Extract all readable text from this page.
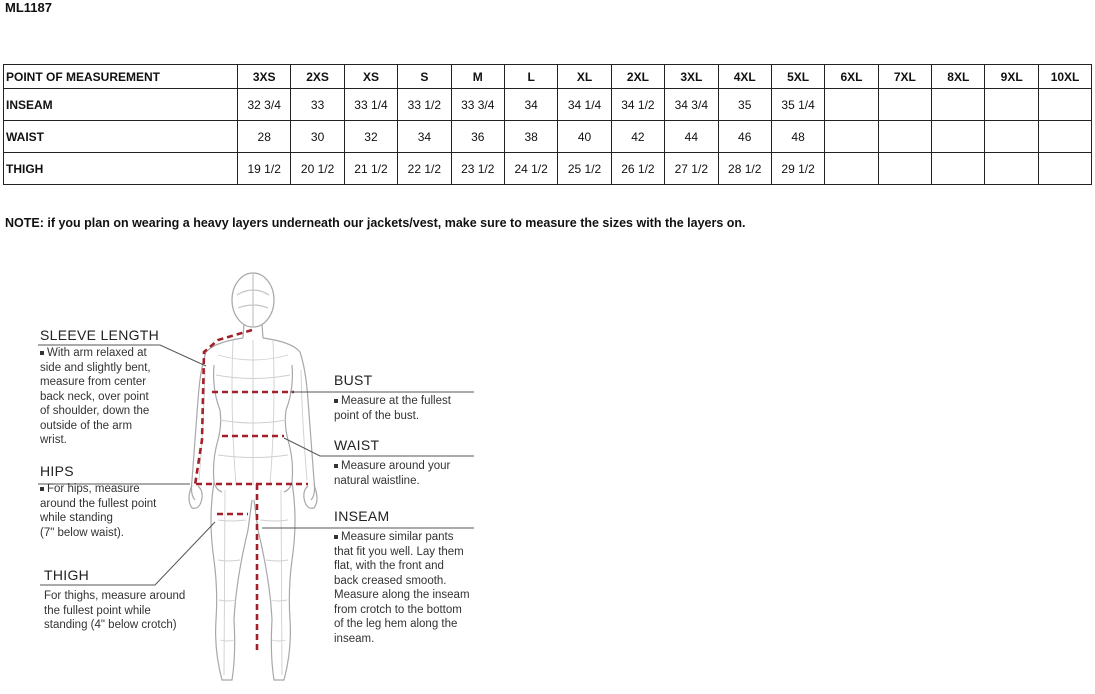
ML1187
POINT OF MEASUREMENT	3XS	2XS	XS	S	M	L	XL	2XL	3XL	4XL	5XL	6XL	7XL	8XL	9XL	10XL
INSEAM	32 3/4	33	33 1/4	33 1/2	33 3/4	34	34 1/4	34 1/2	34 3/4	35	35 1/4					
WAIST	28	30	32	34	36	38	40	42	44	46	48					
THIGH	19 1/2	20 1/2	21 1/2	22 1/2	23 1/2	24 1/2	25 1/2	26 1/2	27 1/2	28 1/2	29 1/2					
NOTE: if you plan on wearing a heavy layers underneath our jackets/vest, make sure to measure the sizes with the layers on.
SLEEVE LENGTH
With arm relaxed at
side and slightly bent,
measure from center
back neck, over point
of shoulder, down the
outside of the arm
wrist.
HIPS
For hips, measure
around the fullest point
while standing
(7" below waist).
THIGH
For thighs, measure around
the fullest point while
standing (4" below crotch)
BUST
Measure at the fullest
point of the bust.
WAIST
Measure around your
natural waistline.
INSEAM
Measure similar pants
that fit you well. Lay them
flat, with the front and
back creased smooth.
Measure along the inseam
from crotch to the bottom
of the leg hem along the
inseam.
